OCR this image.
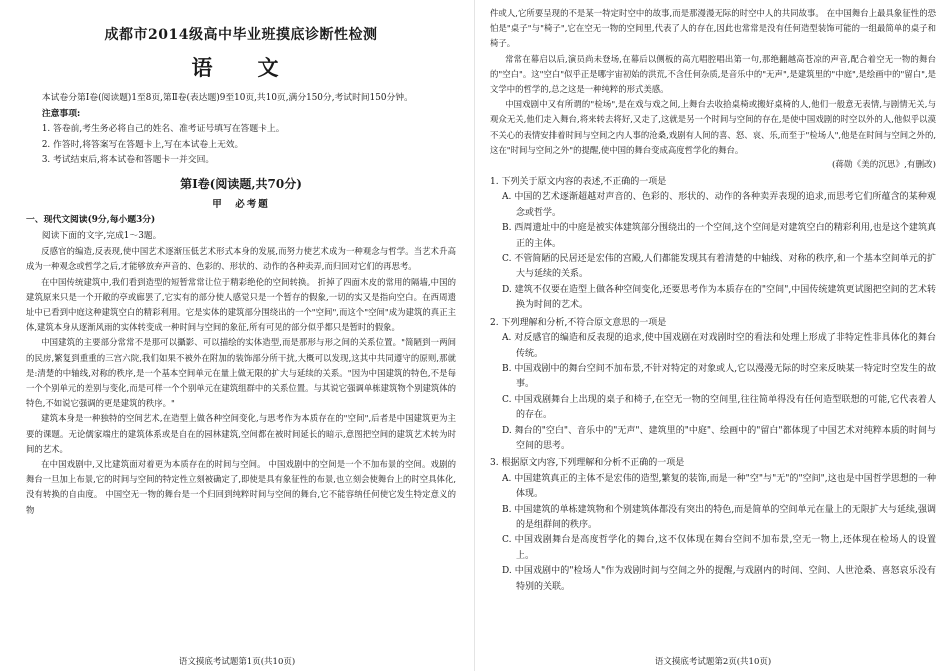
成都市2014级高中毕业班摸底诊断性检测
语　文

本试卷分第Ⅰ卷(阅读题)1至8页,第Ⅱ卷(表达题)9至10页,共10页,满分150分,考试时间150分钟。

注意事项:

1. 答卷前,考生务必将自己的姓名、准考证号填写在答题卡上。

2. 作答时,将答案写在答题卡上,写在本试卷上无效。

3. 考试结束后,将本试卷和答题卡一并交回。

第Ⅰ卷(阅读题,共70分)
甲　必考题

一、现代文阅读(9分,每小题3分)

阅读下面的文字,完成1～3题。

反感官的编造,反表现,使中国艺术逐渐压低艺术形式本身的发展,而努力使艺术成为一种观念与哲学。当艺术升高成为一种观念或哲学之后,才能够放弃声音的、色彩的、形状的、动作的各种卖弄,而归回对它们的再思考。

在中国传统建筑中,我们看到造型的短暂常常让位于精彩绝伦的空间转换。 折掉了四面木皮的常用的隔墙,中国的建筑原来只是一个开敞的亭或廊罢了,它实有的部分使人感觉只是一个暂存的假象,一切的实又是指向空白。在西周遗址中已看到中庭这种建筑空白的精彩利用。它是实体的建筑部分围绕出的一个"空间",而这个"空间"成为建筑的真正主体,建筑本身从逐渐风雨的实体转变成一种时间与空间的象征,所有可见的部分似乎都只是暂时的假象。

中国建筑的主要部分常常不是那可以攝影、可以描绘的实体造型,而是那形与形之间的关系位置。"简陋到一两间的民房,繁复到重重的三宫六院,我们如果不被外在附加的装饰部分所干扰,大概可以发现,这其中共同遵守的原则,那就是:清楚的中轴线,对称的秩序,是一个基本空间单元在量上做无限的扩大与延续的关系。"因为中国建筑的特色,不是每一个个别单元的差别与变化,而是可样一个个别单元在建筑组群中的关系位置。与其说它强调单栋建筑物个别建筑体的特色,不如说它强调的更是建筑的秩序。"

建筑本身是一种独特的空间艺术,在造型上做各种空间变化,与思考作为本质存在的"空间",后者是中国建筑更为主要的课题。无论儒家端庄的建筑体系或是自在的园林建筑,空间都在被时间延长的暗示,意图把空间的建筑艺术转为时间的艺术。

在中国戏剧中,又比建筑面对着更为本质存在的时间与空间。 中国戏剧中的空间是一个不加布景的空间。戏剧的舞台一旦加上布景,它的时间与空间的特定性立刻被确定了,即使是具有象征性的布景,也立刻会使舞台上的时空具体化,没有转换的自由度。 中国空无一物的舞台是一个归回到纯粹时间与空间的舞台,它不能容纳任何使它发生特定意义的物

语文摸底考试题第1页(共10页)

件或人,它所要呈现的不是某一特定时空中的故事,而是那漫漫无际的时空中人的共同故事。 在中国舞台上最具象征性的恐怕是"桌子"与"椅子",它在空无一物的空间里,代表了人的存在,因此也常常是没有任何造型装饰可能的一组最简单的桌子和椅子。

常常在幕启以后,演员尚未登场,在幕后以侧板的高亢唱腔唱出第一句,那绝翻越高苍凉的声音,配合着空无一物的舞台的"空白"。这"空白"似乎正是哪宇宙初始的洪荒,不含任何杂质,是音乐中的"无声",是建筑里的"中庭",是绘画中的"留白",是文学中的哲学的,总之这是一种纯粹的形式美感。

中国戏剧中又有所谓的"检场",是在戏与戏之间,上舞台去收拾桌椅或搬好桌椅的人,他们一般意无表情,与剧情无关,与观众无关,他们走入舞台,将来转去将好,又走了,这就是另一个时间与空间的存在,是使中国戏剧的时空以外的人,他似乎以漠不关心的表情安排着时间与空间之内人事的沧桑,戏剧有人间的喜、怒、哀、乐,而至于"检场人",他是在时间与空间之外的,这在"时间与空间之外"的提醒,使中国的舞台变成高度哲学化的舞台。

(蒋勋《美的沉思》,有删改)

1. 下列关于原文内容的表述,不正确的一项是

A. 中国的艺术逐渐超越对声音的、色彩的、形状的、动作的各种卖弄表现的追求,而思考它们所蕴含的某种观念或哲学。

B. 西周遗址中的中庭是被实体建筑部分围绕出的一个空间,这个空间是对建筑空白的精彩利用,也是这个建筑真正的主体。

C. 不管简陋的民居还是宏伟的宫殿,人们都能发现其有着清楚的中轴线、对称的秩序,和一个基本空间单元的扩大与延续的关系。

D. 建筑不仅要在造型上做各种空间变化,还要思考作为本质存在的"空间",中国传统建筑更试图把空间的艺术转换为时间的艺术。

2. 下列理解和分析,不符合原文意思的一项是

A. 对反感官的编造和反表现的追求,使中国戏剧在对戏剧时空的看法和处理上形成了非特定性非具体化的舞台传统。

B. 中国戏剧中的舞台空间不加布景,不针对特定的对象或人,它以漫漫无际的时空来反映某一特定时空发生的故事。

C. 中国戏剧舞台上出现的桌子和椅子,在空无一物的空间里,往往简单得没有任何造型联想的可能,它代表着人的存在。

D. 舞台的"空白"、音乐中的"无声"、建筑里的"中庭"、绘画中的"留白"都体现了中国艺术对纯粹本质的时间与空间的思考。

3. 根据原文内容,下列理解和分析不正确的一项是

A. 中国建筑真正的主体不是宏伟的造型,繁复的装饰,而是一种"空"与"无"的"空间",这也是中国哲学思想的一种体现。

B. 中国建筑的单栋建筑物和个别建筑体都没有突出的特色,而是简单的空间单元在量上的无限扩大与延续,强调的是组群间的秩序。

C. 中国戏剧舞台是高度哲学化的舞台,这不仅体现在舞台空间不加布景,空无一物上,还体现在检场人的设置上。

D. 中国戏剧中的"检场人"作为戏剧时间与空间之外的提醒,与戏剧内的时间、空间、人世沧桑、喜怒哀乐没有特别的关联。

语文摸底考试题第2页(共10页)
